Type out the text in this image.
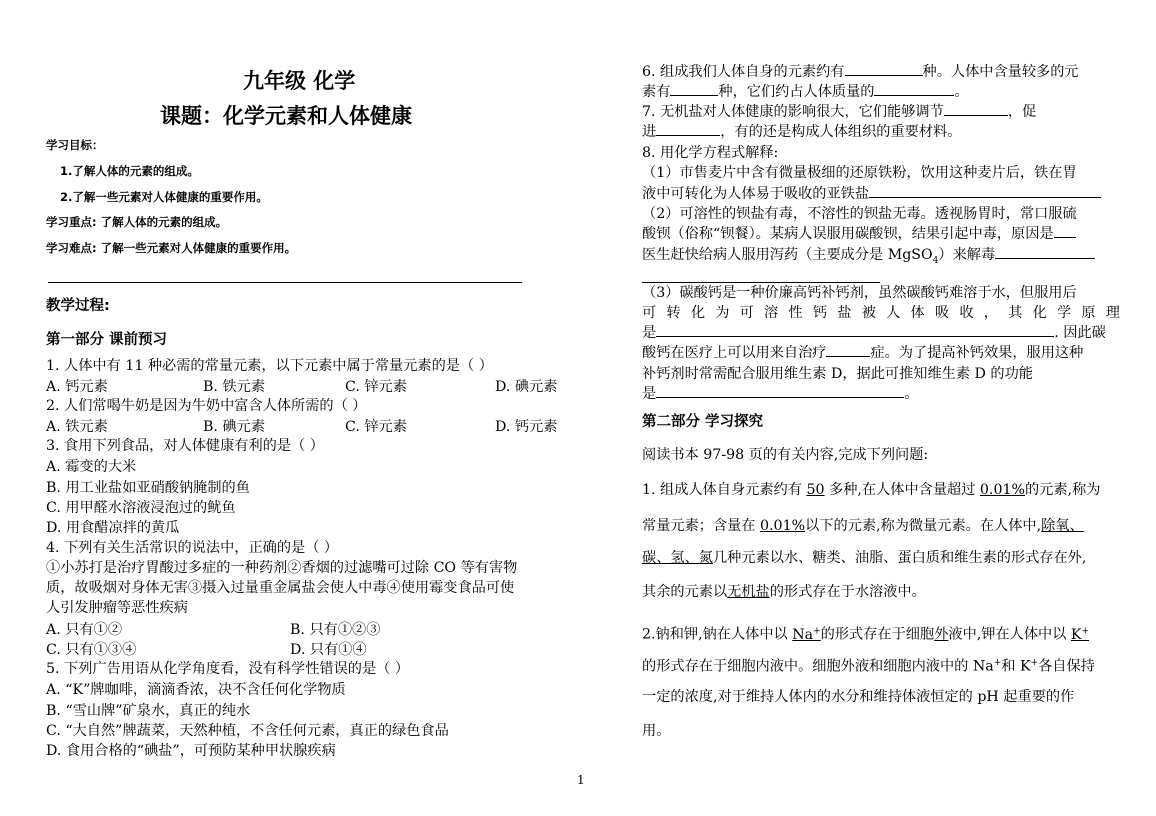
九年级 化学
课题：化学元素和人体健康
学习目标：
1.了解人体的元素的组成。
2.了解一些元素对人体健康的重要作用。
学习重点: 了解人体的元素的组成。
学习难点: 了解一些元素对人体健康的重要作用。
教学过程:
第一部分 课前预习
1. 人体中有 11 种必需的常量元素，以下元素中属于常量元素的是（ ）
A. 钙元素	B. 铁元素	C. 锌元素	D. 碘元素
2. 人们常喝牛奶是因为牛奶中富含人体所需的（ ）
A. 铁元素	B. 碘元素	C. 锌元素	D. 钙元素
3. 食用下列食品，对人体健康有利的是（ ）
A. 霉变的大米
B. 用工业盐如亚硝酸钠腌制的鱼
C. 用甲醛水溶液浸泡过的鱿鱼
D. 用食醋凉拌的黄瓜
4. 下列有关生活常识的说法中，正确的是（ ）
①小苏打是治疗胃酸过多症的一种药剂②香烟的过滤嘴可过除 CO 等有害物
质，故吸烟对身体无害③摄入过量重金属盐会使人中毒④使用霉变食品可使
人引发肿瘤等恶性疾病
A. 只有①②	B. 只有①②③
C. 只有①③④	D. 只有①④
5. 下列广告用语从化学角度看，没有科学性错误的是（ ）
A. “K”牌咖啡，滴滴香浓，决不含任何化学物质
B. “雪山牌”矿泉水，真正的纯水
C. “大自然”牌蔬菜，天然种植，不含任何元素，真正的绿色食品
D. 食用合格的“碘盐”，可预防某种甲状腺疾病
6. 组成我们人体自身的元素约有	种。人体中含量较多的元
素有	种，它们约占人体质量的	。
7. 无机盐对人体健康的影响很大，它们能够调节	，促
进	，有的还是构成人体组织的重要材料。
8. 用化学方程式解释:
（1）市售麦片中含有微量极细的还原铁粉，饮用这种麦片后，铁在胃
液中可转化为人体易于吸收的亚铁盐
（2）可溶性的钡盐有毒，不溶性的钡盐无毒。透视肠胃时，常口服硫
酸钡（俗称“钡餐）。某病人误服用碳酸钡，结果引起中毒，原因是
医生赶快给病人服用泻药（主要成分是 MgSO$_4$）来解毒
（3）碳酸钙是一种价廉高钙补钙剂，虽然碳酸钙难溶于水，但服用后
可 转 化 为 可 溶 性 钙 盐 被 人 体 吸 收 ， 其 化 学 原 理
是	. 因此碳
酸钙在医疗上可以用来自治疗	症。为了提高补钙效果，服用这种
补钙剂时常需配合服用维生素 D，据此可推知维生素 D 的功能
是	。
第二部分 学习探究
阅读书本 97-98 页的有关内容,完成下列问题:
1. 组成人体自身元素约有 50 多种,在人体中含量超过 0.01%的元素,称为
常量元素；含量在 0.01%以下的元素,称为微量元素。在人体中,除氧、
碳、氢、氮几种元素以水、糖类、油脂、蛋白质和维生素的形式存在外,
其余的元素以无机盐的形式存在于水溶液中。
2.钠和钾,钠在人体中以 Na+的形式存在于细胞外液中,钾在人体中以 K+
的形式存在于细胞内液中。细胞外液和细胞内液中的 Na+和 K+各自保持
一定的浓度,对于维持人体内的水分和维持体液恒定的 pH 起重要的作
用。
1
